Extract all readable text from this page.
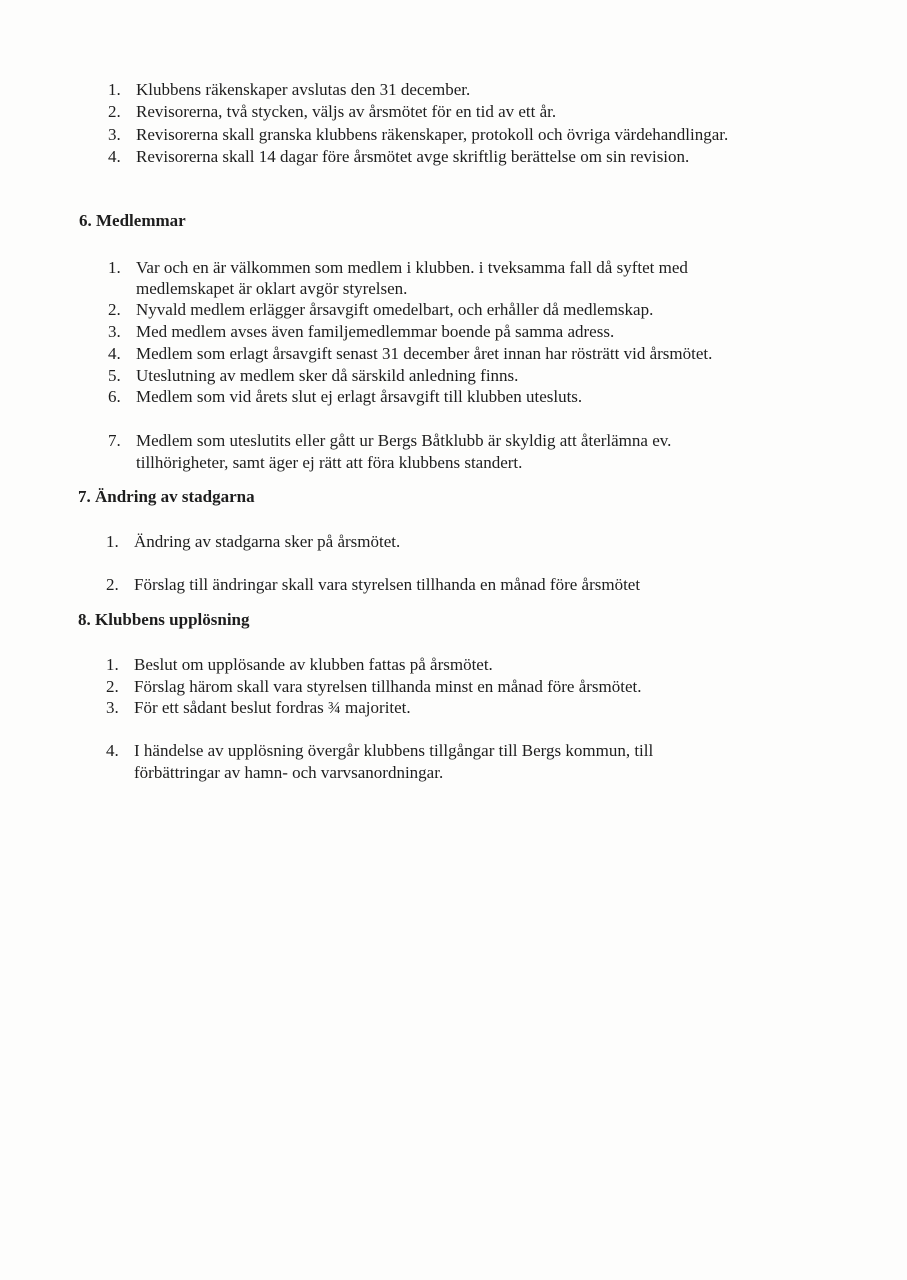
1. Klubbens räkenskaper avslutas den 31 december.
2. Revisorerna, två stycken, väljs av årsmötet för en tid av ett år.
3. Revisorerna skall granska klubbens räkenskaper, protokoll och övriga värdehandlingar.
4. Revisorerna skall 14 dagar före årsmötet avge skriftlig berättelse om sin revision.
6. Medlemmar
1. Var och en är välkommen som medlem i klubben. i tveksamma fall då syftet med
medlemskapet är oklart avgör styrelsen.
2. Nyvald medlem erlägger årsavgift omedelbart, och erhåller då medlemskap.
3. Med medlem avses även familjemedlemmar boende på samma adress.
4. Medlem som erlagt årsavgift senast 31 december året innan har rösträtt vid årsmötet.
5. Uteslutning av medlem sker då särskild anledning finns.
6. Medlem som vid årets slut ej erlagt årsavgift till klubben utesluts.
7. Medlem som uteslutits eller gått ur Bergs Båtklubb är skyldig att återlämna ev.
tillhörigheter, samt äger ej rätt att föra klubbens standert.
7. Ändring av stadgarna
1. Ändring av stadgarna sker på årsmötet.
2. Förslag till ändringar skall vara styrelsen tillhanda en månad före årsmötet
8. Klubbens upplösning
1. Beslut om upplösande av klubben fattas på årsmötet.
2. Förslag härom skall vara styrelsen tillhanda minst en månad före årsmötet.
3. För ett sådant beslut fordras ¾ majoritet.
4. I händelse av upplösning övergår klubbens tillgångar till Bergs kommun, till
förbättringar av hamn- och varvsanordningar.
